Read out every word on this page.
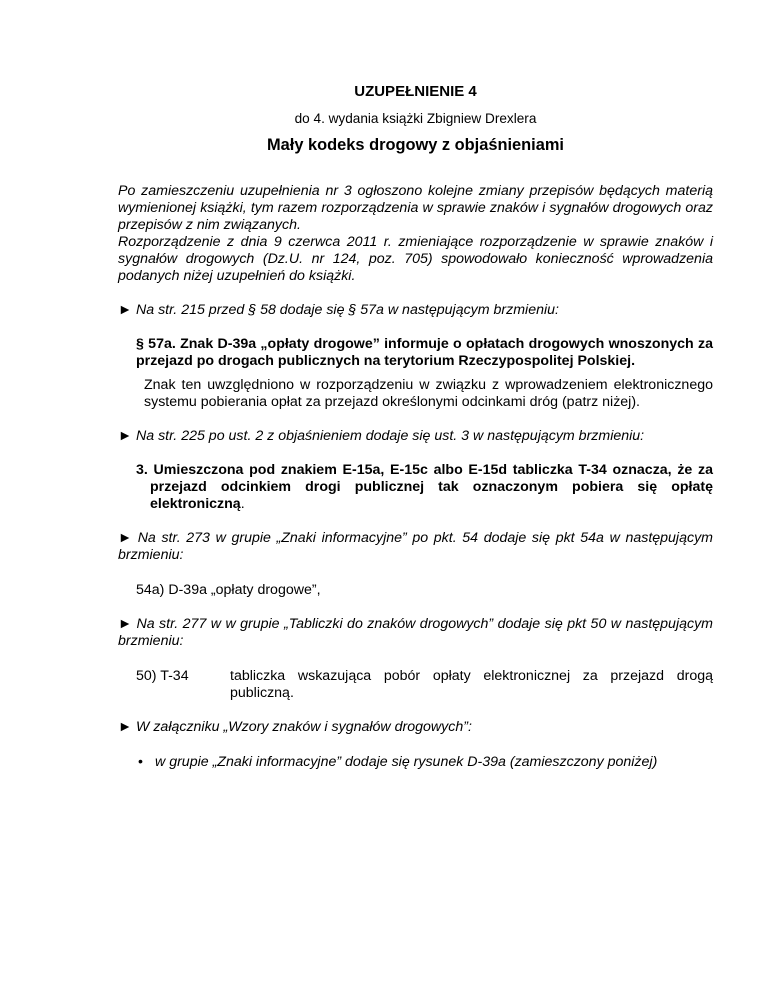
UZUPEŁNIENIE 4
do 4. wydania książki Zbigniew Drexlera
Mały kodeks drogowy z objaśnieniami

Po zamieszczeniu uzupełnienia nr 3 ogłoszono kolejne zmiany przepisów będących materią wymienionej książki, tym razem rozporządzenia w sprawie znaków i sygnałów drogowych oraz przepisów z nim związanych.

Rozporządzenie z dnia 9 czerwca 2011 r. zmieniające rozporządzenie w sprawie znaków i sygnałów drogowych (Dz.U. nr 124, poz. 705) spowodowało konieczność wprowadzenia podanych niżej uzupełnień do książki.

► Na str. 215 przed § 58 dodaje się § 57a w następującym brzmieniu:

§ 57a. Znak D-39a „opłaty drogowe” informuje o opłatach drogowych wnoszonych za przejazd po drogach publicznych na terytorium Rzeczypospolitej Polskiej.

Znak ten uwzględniono w rozporządzeniu w związku z wprowadzeniem elektronicznego systemu pobierania opłat za przejazd określonymi odcinkami dróg (patrz niżej).

► Na str. 225 po ust. 2 z objaśnieniem dodaje się ust. 3 w następującym brzmieniu:

3. Umieszczona pod znakiem E-15a, E-15c albo E-15d tabliczka T-34 oznacza, że za przejazd odcinkiem drogi publicznej tak oznaczonym pobiera się opłatę elektroniczną.

► Na str. 273 w grupie „Znaki informacyjne” po pkt. 54 dodaje się pkt 54a w następującym brzmieniu:

54a) D-39a „opłaty drogowe”,

► Na str. 277 w w grupie „Tabliczki do znaków drogowych” dodaje się pkt 50 w następującym brzmieniu:

50) T-34	tabliczka wskazująca pobór opłaty elektronicznej za przejazd drogą publiczną.

► W załączniku „Wzory znaków i sygnałów drogowych”:

• w grupie „Znaki informacyjne” dodaje się rysunek D-39a (zamieszczony poniżej)
